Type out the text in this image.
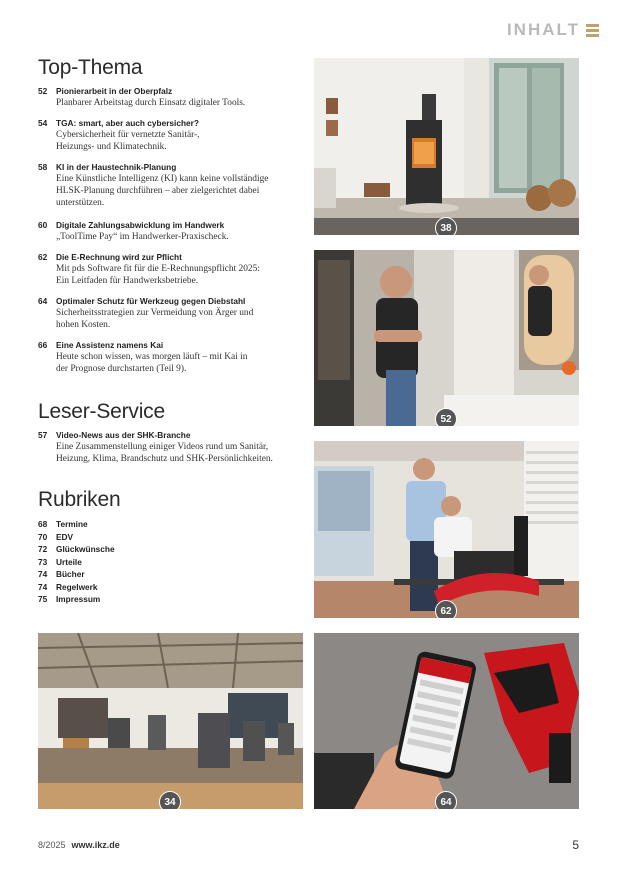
INHALT
Top-Thema
52	Pionierarbeit in der Oberpfalz
Planbarer Arbeitstag durch Einsatz digitaler Tools.
54	TGA: smart, aber auch cybersicher?
Cybersicherheit für vernetzte Sanitär-,
Heizungs- und Klimatechnik.
58	KI in der Haustechnik-Planung
Eine Künstliche Intelligenz (KI) kann keine vollständige
HLSK-Planung durchführen – aber zielgerichtet dabei
unterstützen.
60	Digitale Zahlungsabwicklung im Handwerk
„ToolTime Pay“ im Handwerker-Praxischeck.
62	Die E-Rechnung wird zur Pflicht
Mit pds Software fit für die E-Rechnungspflicht 2025:
Ein Leitfaden für Handwerksbetriebe.
64	Optimaler Schutz für Werkzeug gegen Diebstahl
Sicherheitsstrategien zur Vermeidung von Ärger und
hohen Kosten.
66	Eine Assistenz namens Kai
Heute schon wissen, was morgen läuft – mit Kai in
der Prognose durchstarten (Teil 9).
Leser-Service
57	Video-News aus der SHK-Branche
Eine Zusammenstellung einiger Videos rund um Sanitär,
Heizung, Klima, Brandschutz und SHK-Persönlichkeiten.
Rubriken
68 Termine
70 EDV
72 Glückwünsche
73 Urteile
74 Bücher
74 Regelwerk
75 Impressum
38
52
62
34	64
8/2025 www.ikz.de	5
